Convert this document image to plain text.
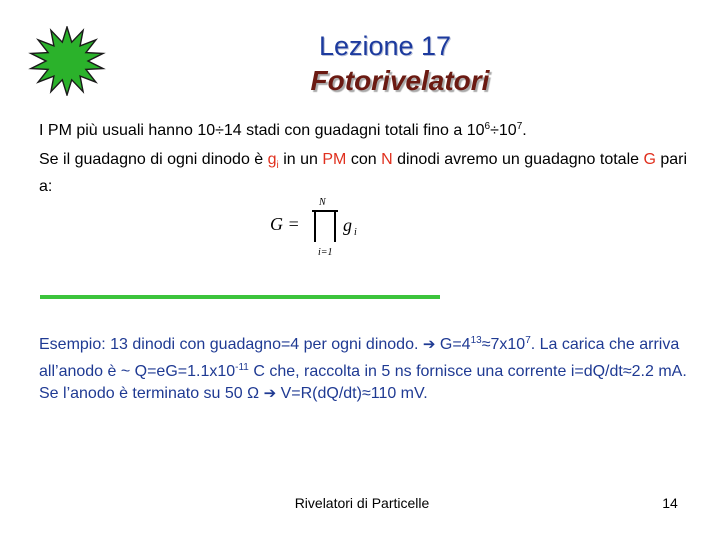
Lezione 17
Fotorivelatori
I PM più usuali hanno 10÷14 stadi con guadagni totali fino a $10^6\div 10^7$.
Se il guadagno di ogni dinodo è $g_i$ in un PM con N dinodi avremo un guadagno totale G pari a:
G =
N
i=1
g i
Esempio: 13 dinodi con guadagno=4 per ogni dinodo. ➔ $G=4^{13}\approx 7x10^7$. La carica che arriva all’anodo è ~ $Q=eG=1.1x10^{-11}$ C che, raccolta in 5 ns fornisce una corrente i=dQ/dt≈2.2 mA. Se l’anodo è terminato su 50 Ω ➔ V=R(dQ/dt)≈110 mV.
Rivelatori di Particelle	14
